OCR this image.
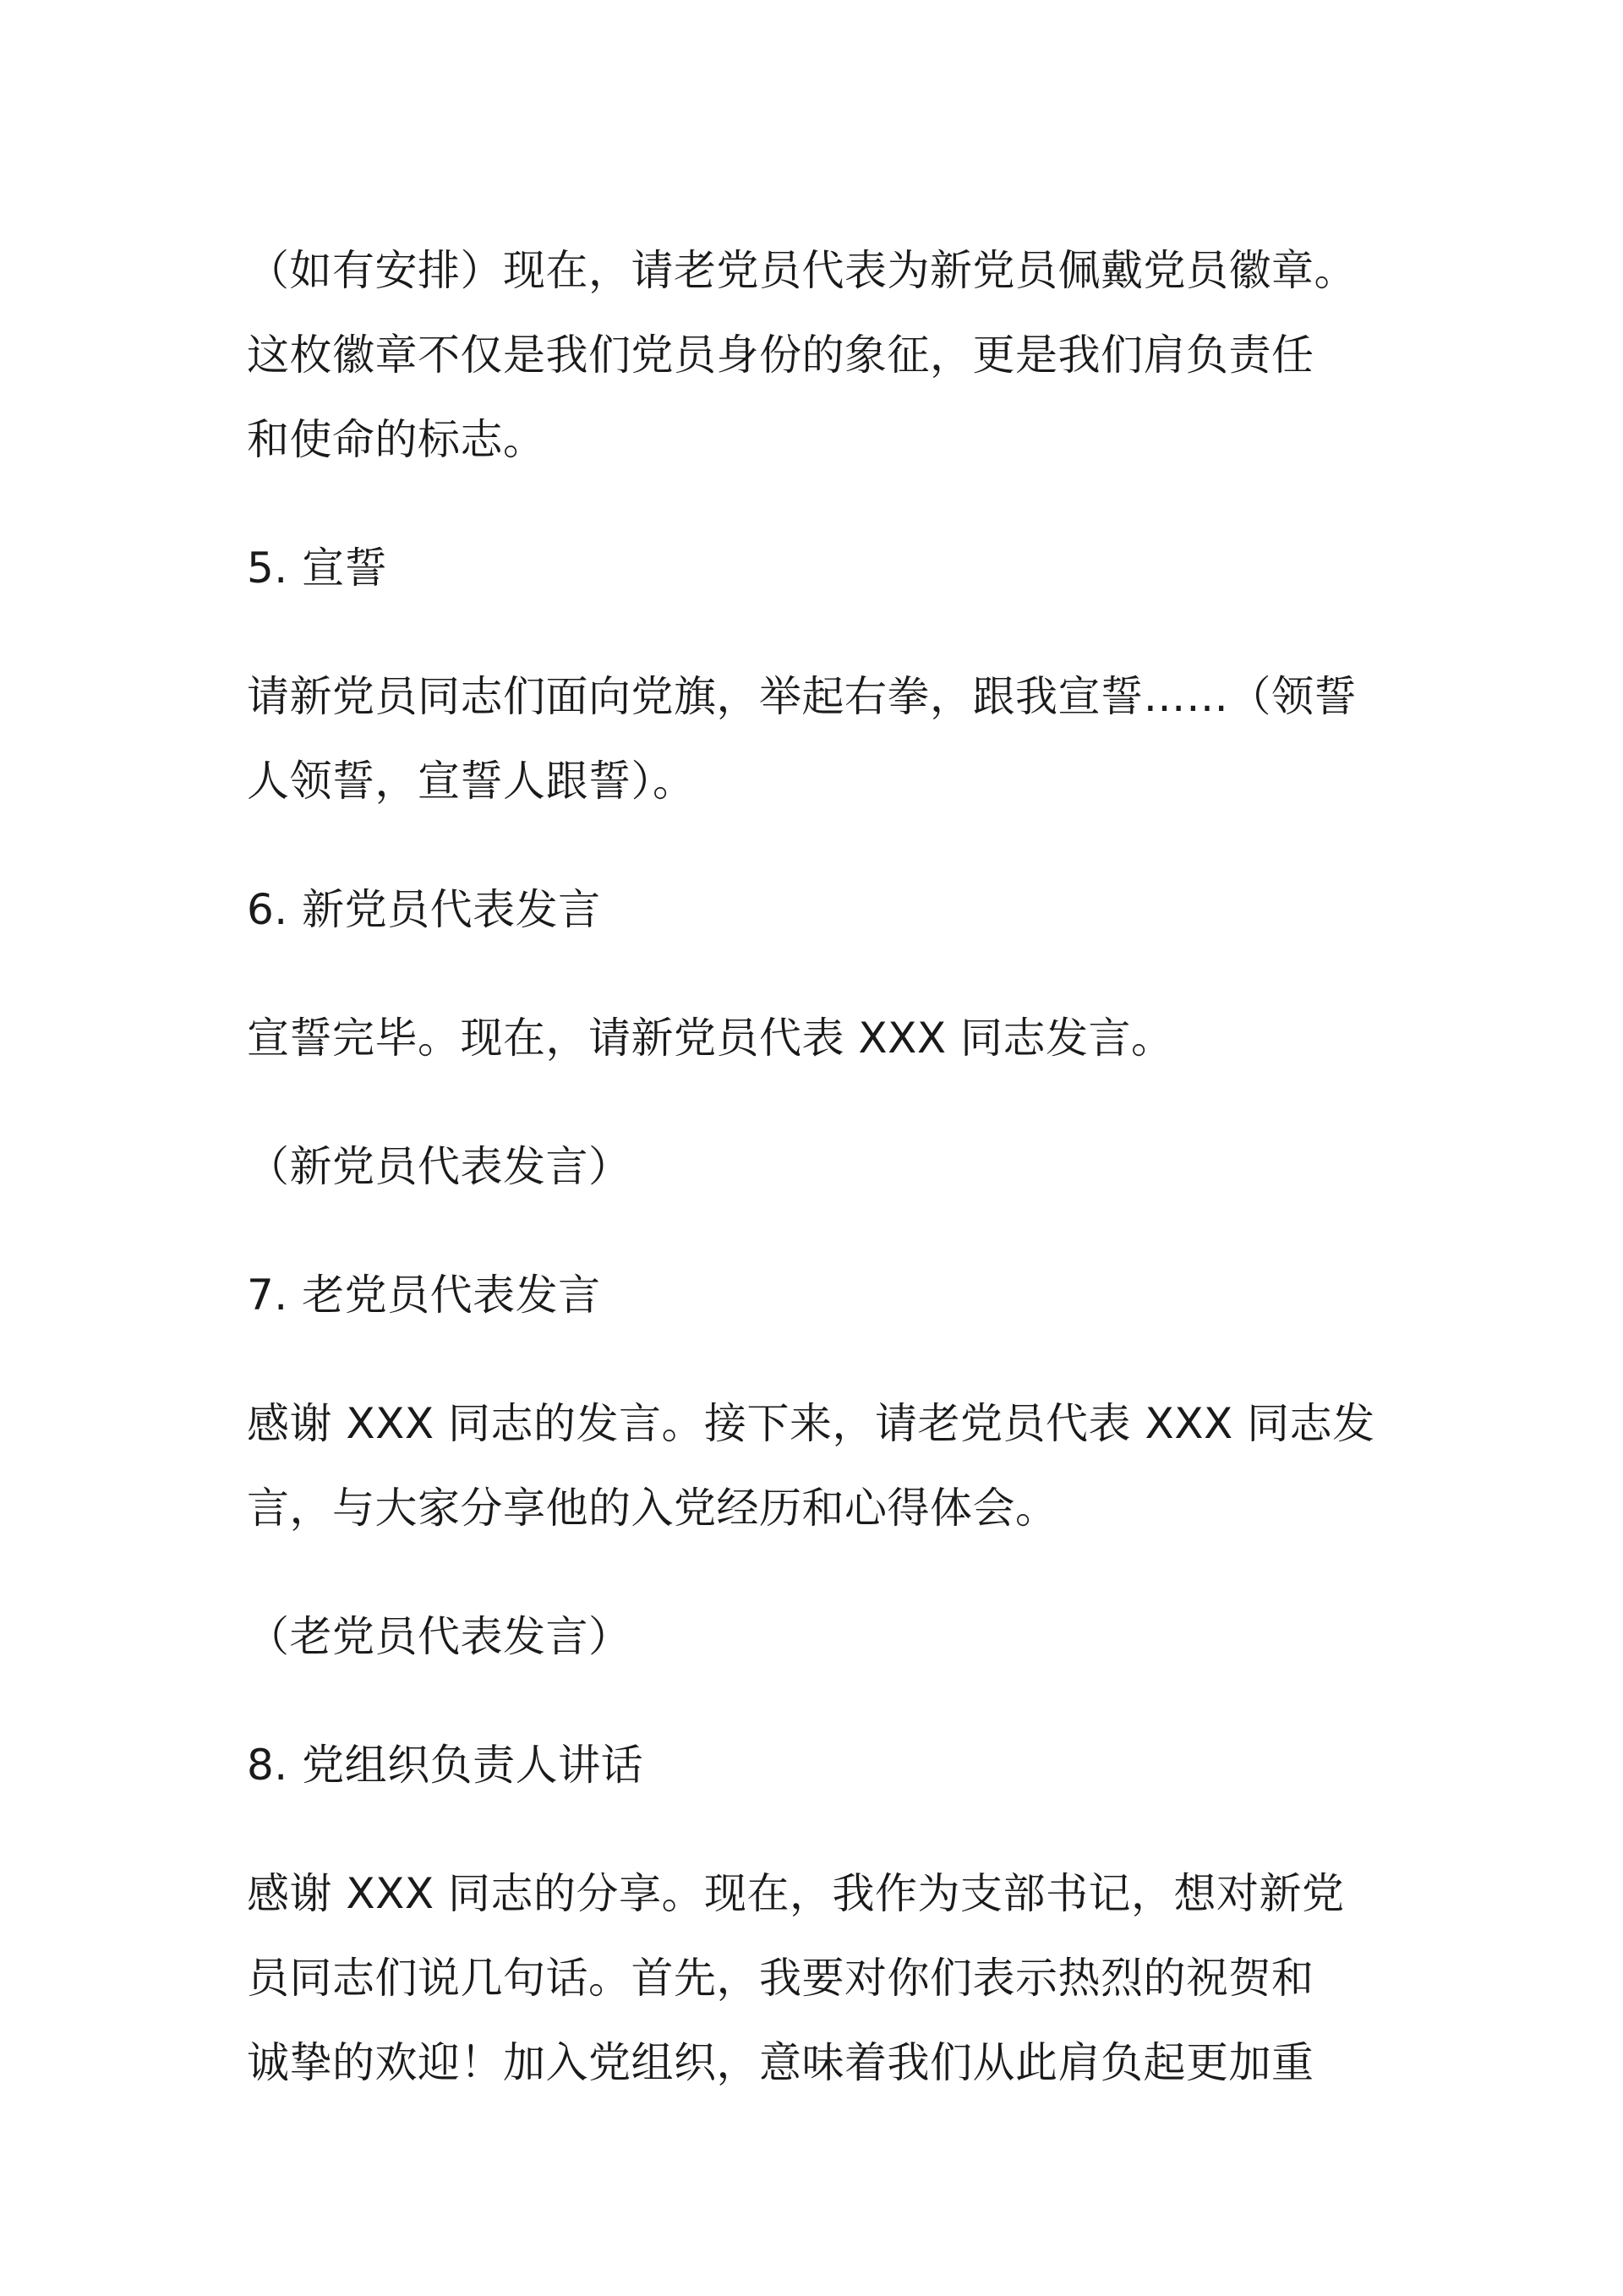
（如有安排）现在，请老党员代表为新党员佩戴党员徽章。
这枚徽章不仅是我们党员身份的象征，更是我们肩负责任
和使命的标志。

5. 宣誓

请新党员同志们面向党旗，举起右拳，跟我宣誓……（领誓
人领誓，宣誓人跟誓）。

6. 新党员代表发言

宣誓完毕。现在，请新党员代表 XXX 同志发言。

（新党员代表发言）

7. 老党员代表发言

感谢 XXX 同志的发言。接下来，请老党员代表 XXX 同志发
言，与大家分享他的入党经历和心得体会。

（老党员代表发言）

8. 党组织负责人讲话

感谢 XXX 同志的分享。现在，我作为支部书记，想对新党
员同志们说几句话。首先，我要对你们表示热烈的祝贺和
诚挚的欢迎！加入党组织，意味着我们从此肩负起更加重
